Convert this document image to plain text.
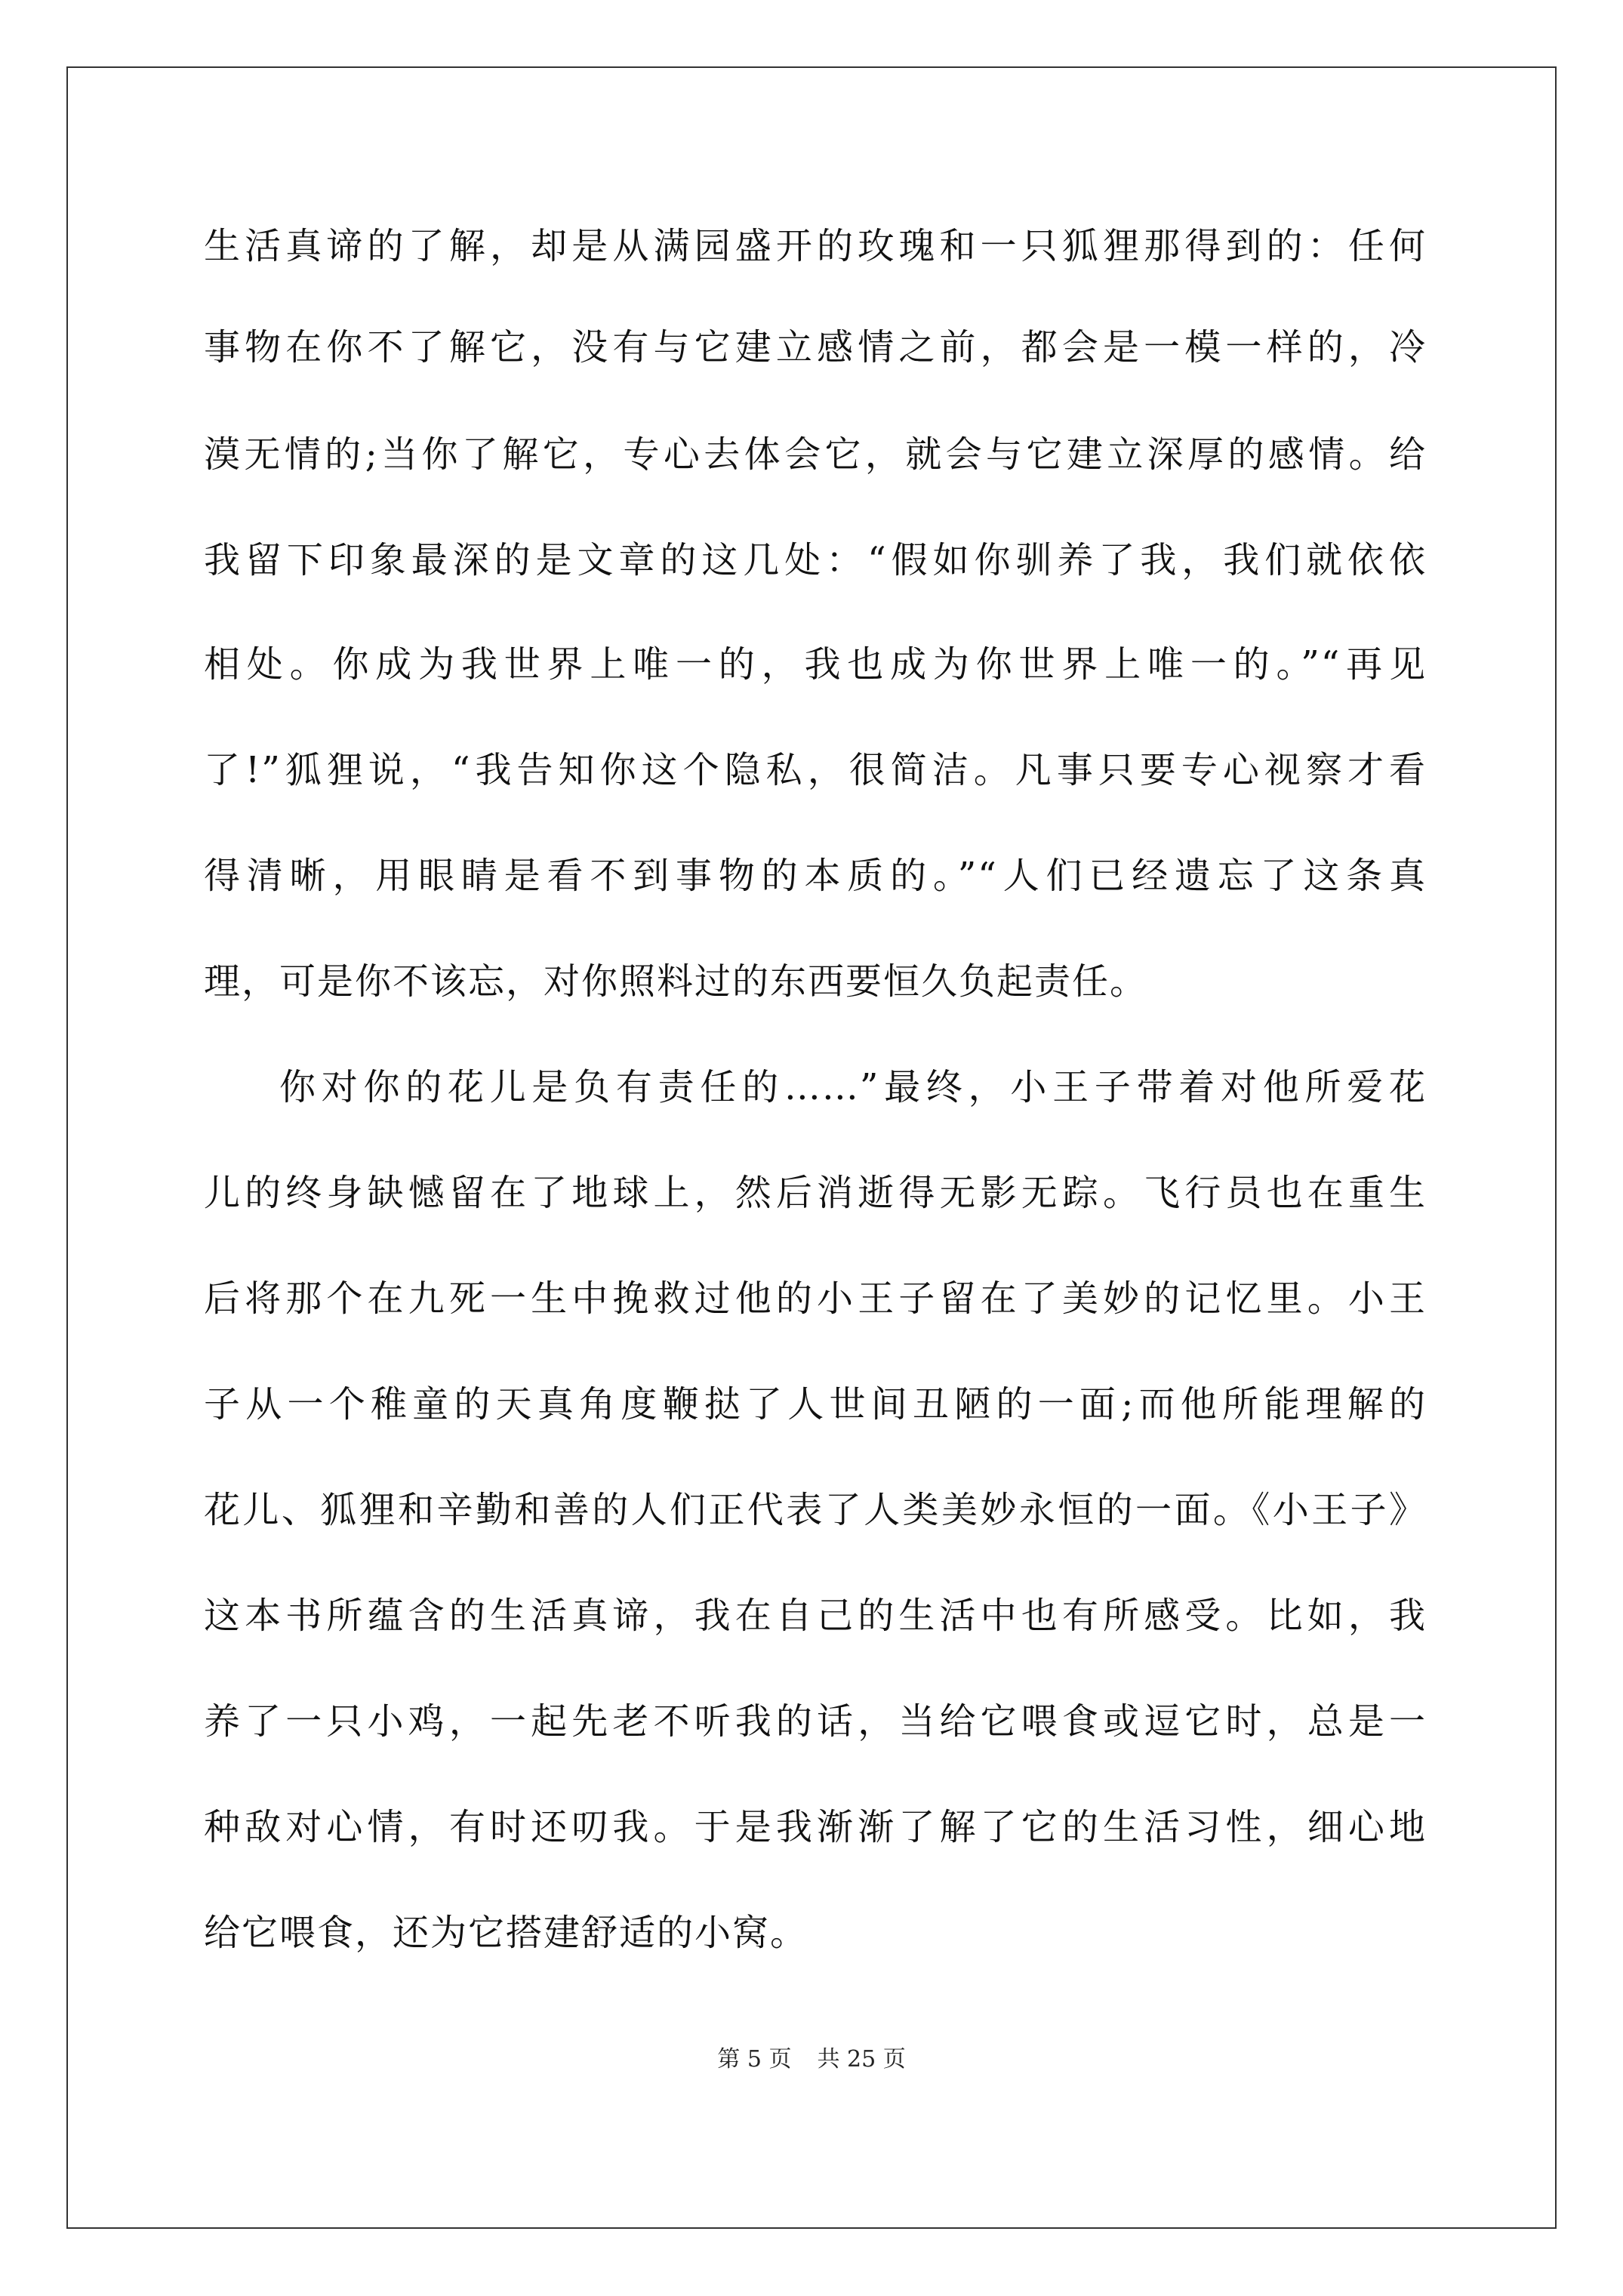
生活真谛的了解，却是从满园盛开的玫瑰和一只狐狸那得到的：任何
事物在你不了解它，没有与它建立感情之前，都会是一模一样的，冷
漠无情的;当你了解它，专心去体会它，就会与它建立深厚的感情。给
我留下印象最深的是文章的这几处：“假如你驯养了我，我们就依依
相处。你成为我世界上唯一的，我也成为你世界上唯一的。”“再见
了!”狐狸说，“我告知你这个隐私，很简洁。凡事只要专心视察才看
得清晰，用眼睛是看不到事物的本质的。”“人们已经遗忘了这条真
理，可是你不该忘，对你照料过的东西要恒久负起责任。
你对你的花儿是负有责任的……”最终，小王子带着对他所爱花
儿的终身缺憾留在了地球上，然后消逝得无影无踪。飞行员也在重生
后将那个在九死一生中挽救过他的小王子留在了美妙的记忆里。小王
子从一个稚童的天真角度鞭挞了人世间丑陋的一面;而他所能理解的
花儿、狐狸和辛勤和善的人们正代表了人类美妙永恒的一面。《小王子》
这本书所蕴含的生活真谛，我在自己的生活中也有所感受。比如，我
养了一只小鸡，一起先老不听我的话，当给它喂食或逗它时，总是一
种敌对心情，有时还叨我。于是我渐渐了解了它的生活习性，细心地
给它喂食，还为它搭建舒适的小窝。
第 5 页 共 25 页
